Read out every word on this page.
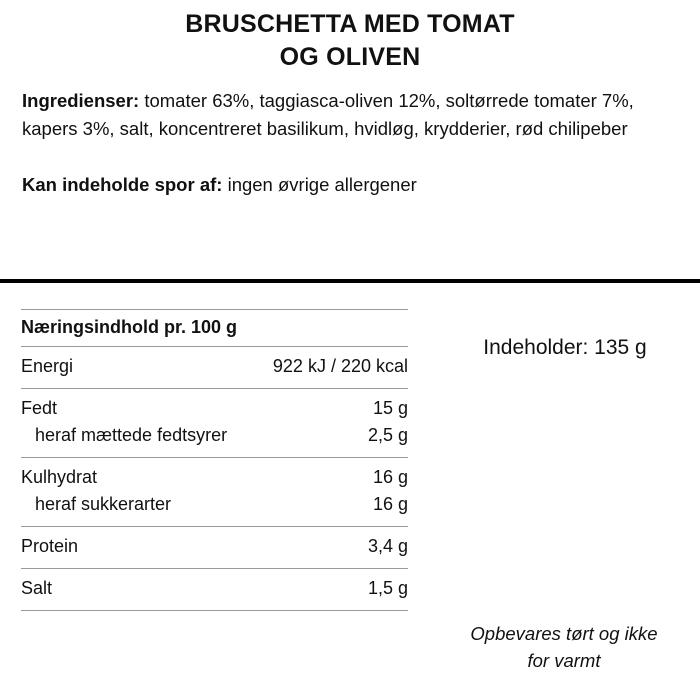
BRUSCHETTA MED TOMAT
OG OLIVEN

Ingredienser: tomater 63%, taggiasca-oliven 12%, soltørrede tomater 7%, kapers 3%, salt, koncentreret basilikum, hvidløg, krydderier, rød chilipeber

Kan indeholde spor af: ingen øvrige allergener

Næringsindhold pr. 100 g
Energi	922 kJ / 220 kcal
Fedt	15 g
heraf mættede fedtsyrer	2,5 g
Kulhydrat	16 g
heraf sukkerarter	16 g
Protein	3,4 g
Salt	1,5 g
Indeholder: 135 g
Opbevares tørt og ikke
for varmt
